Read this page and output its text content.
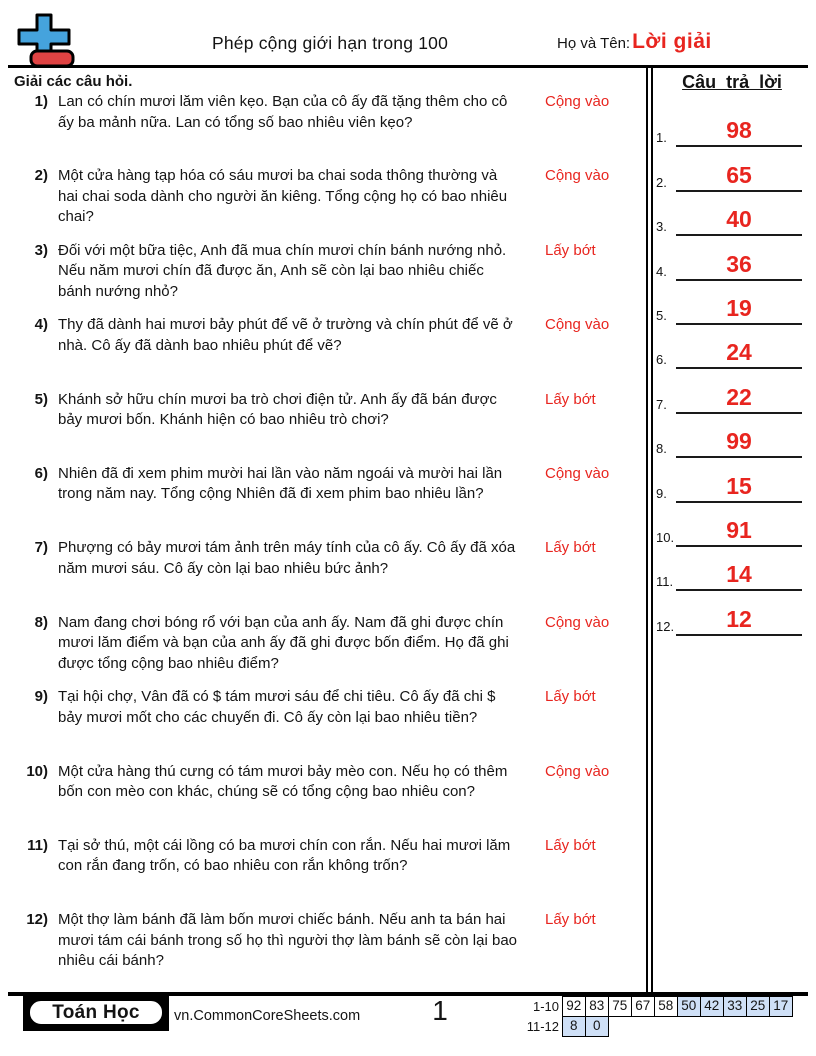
Phép cộng giới hạn trong 100	Họ và Tên: Lời giải
Giải các câu hỏi.
1) Lan có chín mươi lăm viên kẹo. Bạn của cô ấy đã tặng thêm cho cô ấy ba mảnh nữa. Lan có tổng số bao nhiêu viên kẹo?
Cộng vào
2) Một cửa hàng tạp hóa có sáu mươi ba chai soda thông thường và hai chai soda dành cho người ăn kiêng. Tổng cộng họ có bao nhiêu chai?
Cộng vào
3) Đối với một bữa tiệc, Anh đã mua chín mươi chín bánh nướng nhỏ. Nếu năm mươi chín đã được ăn, Anh sẽ còn lại bao nhiêu chiếc bánh nướng nhỏ?
Lấy bớt
4) Thy đã dành hai mươi bảy phút để vẽ ở trường và chín phút để vẽ ở nhà. Cô ấy đã dành bao nhiêu phút để vẽ?
Cộng vào
5) Khánh sở hữu chín mươi ba trò chơi điện tử. Anh ấy đã bán được bảy mươi bốn. Khánh hiện có bao nhiêu trò chơi?
Lấy bớt
6) Nhiên đã đi xem phim mười hai lần vào năm ngoái và mười hai lần trong năm nay. Tổng cộng Nhiên đã đi xem phim bao nhiêu lần?
Cộng vào
7) Phượng có bảy mươi tám ảnh trên máy tính của cô ấy. Cô ấy đã xóa năm mươi sáu. Cô ấy còn lại bao nhiêu bức ảnh?
Lấy bớt
8) Nam đang chơi bóng rổ với bạn của anh ấy. Nam đã ghi được chín mươi lăm điểm và bạn của anh ấy đã ghi được bốn điểm. Họ đã ghi được tổng cộng bao nhiêu điểm?
Cộng vào
9) Tại hội chợ, Vân đã có $ tám mươi sáu để chi tiêu. Cô ấy đã chi $ bảy mươi mốt cho các chuyến đi. Cô ấy còn lại bao nhiêu tiền?
Lấy bớt
10) Một cửa hàng thú cưng có tám mươi bảy mèo con. Nếu họ có thêm bốn con mèo con khác, chúng sẽ có tổng cộng bao nhiêu con?
Cộng vào
11) Tại sở thú, một cái lồng có ba mươi chín con rắn. Nếu hai mươi lăm con rắn đang trốn, có bao nhiêu con rắn không trốn?
Lấy bớt
12) Một thợ làm bánh đã làm bốn mươi chiếc bánh. Nếu anh ta bán hai mươi tám cái bánh trong số họ thì người thợ làm bánh sẽ còn lại bao nhiêu cái bánh?
Lấy bớt
Câu trả lời
1.	98
2.	65
3.	40
4.	36
5.	19
6.	24
7.	22
8.	99
9.	15
10.	91
11.	14
12.	12
Toán Học	vn.CommonCoreSheets.com	1	1-10 92 83 75 67 58 50 42 33 25 17
11-12 8	0
